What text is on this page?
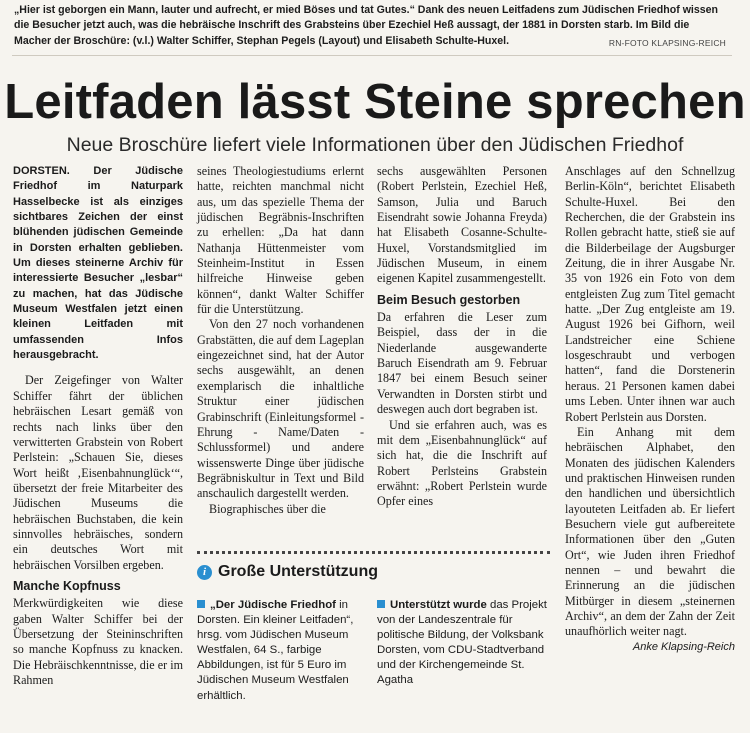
„Hier ist geborgen ein Mann, lauter und aufrecht, er mied Böses und tat Gutes.“ Dank des neuen Leitfadens zum Jüdischen Friedhof wissen die Besucher jetzt auch, was die hebräische Inschrift des Grabsteins über Ezechiel Heß aussagt, der 1881 in Dorsten starb. Im Bild die Macher der Broschüre: (v.l.) Walter Schiffer, Stephan Pegels (Layout) und Elisabeth Schulte-Huxel.	RN-FOTO KLAPSING-REICH
Leitfaden lässt Steine sprechen
Neue Broschüre liefert viele Informationen über den Jüdischen Friedhof

DORSTEN. Der Jüdische Friedhof im Naturpark Hasselbecke ist als einziges sichtbares Zeichen der einst blühenden jüdischen Gemeinde in Dorsten erhalten geblieben. Um dieses steinerne Archiv für interessierte Besucher „lesbar“ zu machen, hat das Jüdische Museum Westfalen jetzt einen kleinen Leitfaden mit umfassenden Infos herausgebracht.

Der Zeigefinger von Walter Schiffer fährt der üblichen hebräischen Lesart gemäß von rechts nach links über den verwitterten Grabstein von Robert Perlstein: „Schauen Sie, dieses Wort heißt ‚Eisenbahnunglück‘“, übersetzt der freie Mitarbeiter des Jüdischen Museums die hebräischen Buchstaben, die kein sinnvolles hebräisches, sondern ein deutsches Wort mit hebräischen Vorsilben ergeben.

Manche Kopfnuss

Merkwürdigkeiten wie diese gaben Walter Schiffer bei der Übersetzung der Steininschriften so manche Kopfnuss zu knacken. Die Hebräischkenntnisse, die er im Rahmen

seines Theologiestudiums erlernt hatte, reichten manchmal nicht aus, um das spezielle Thema der jüdischen Begräbnis-Inschriften zu erhellen: „Da hat dann Nathanja Hüttenmeister vom Steinheim-Institut in Essen hilfreiche Hinweise geben können“, dankt Walter Schiffer für die Unterstützung.

Von den 27 noch vorhandenen Grabstätten, die auf dem Lageplan eingezeichnet sind, hat der Autor sechs ausgewählt, an denen exemplarisch die inhaltliche Struktur einer jüdischen Grabinschrift (Einleitungsformel - Ehrung - Name/Daten - Schlussformel) und andere wissenswerte Dinge über jüdische Begräbniskultur in Text und Bild anschaulich dargestellt werden.

Biographisches über die

sechs ausgewählten Personen (Robert Perlstein, Ezechiel Heß, Samson, Julia und Baruch Eisendraht sowie Johanna Freyda) hat Elisabeth Cosanne-Schulte-Huxel, Vorstandsmitglied im Jüdischen Museum, in einem eigenen Kapitel zusammengestellt.

Beim Besuch gestorben

Da erfahren die Leser zum Beispiel, dass der in die Niederlande ausgewanderte Baruch Eisendrath am 9. Februar 1847 bei einem Besuch seiner Verwandten in Dorsten stirbt und deswegen auch dort begraben ist.

Und sie erfahren auch, was es mit dem „Eisenbahnunglück“ auf sich hat, die die Inschrift auf Robert Perlsteins Grabstein erwähnt: „Robert Perlstein wurde Opfer eines

Anschlages auf den Schnellzug Berlin-Köln“, berichtet Elisabeth Schulte-Huxel. Bei den Recherchen, die der Grabstein ins Rollen gebracht hatte, stieß sie auf die Bilderbeilage der Augsburger Zeitung, die in ihrer Ausgabe Nr. 35 von 1926 ein Foto von dem entgleisten Zug zum Titel gemacht hatte. „Der Zug entgleiste am 19. August 1926 bei Gifhorn, weil Landstreicher eine Schiene losgeschraubt und verbogen hatten“, fand die Dorstenerin heraus. 21 Personen kamen dabei ums Leben. Unter ihnen war auch Robert Perlstein aus Dorsten.

Ein Anhang mit dem hebräischen Alphabet, den Monaten des jüdischen Kalenders und praktischen Hinweisen runden den handlichen und übersichtlich layouteten Leitfaden ab. Er liefert Besuchern viele gut aufbereitete Informationen über den „Guten Ort“, wie Juden ihren Friedhof nennen – und bewahrt die Erinnerung an die jüdischen Mitbürger in diesem „steinernen Archiv“, an dem der Zahn der Zeit unaufhörlich weiter nagt.

Anke Klapsing-Reich
i Große Unterstützung
„Der Jüdische Friedhof in Dorsten. Ein kleiner Leitfaden“, hrsg. vom Jüdischen Museum Westfalen, 64 S., farbige Abbildungen, ist für 5 Euro im Jüdischen Museum Westfalen erhältlich.
Unterstützt wurde das Projekt von der Landeszentrale für politische Bildung, der Volksbank Dorsten, vom CDU-Stadtverband und der Kirchengemeinde St. Agatha
